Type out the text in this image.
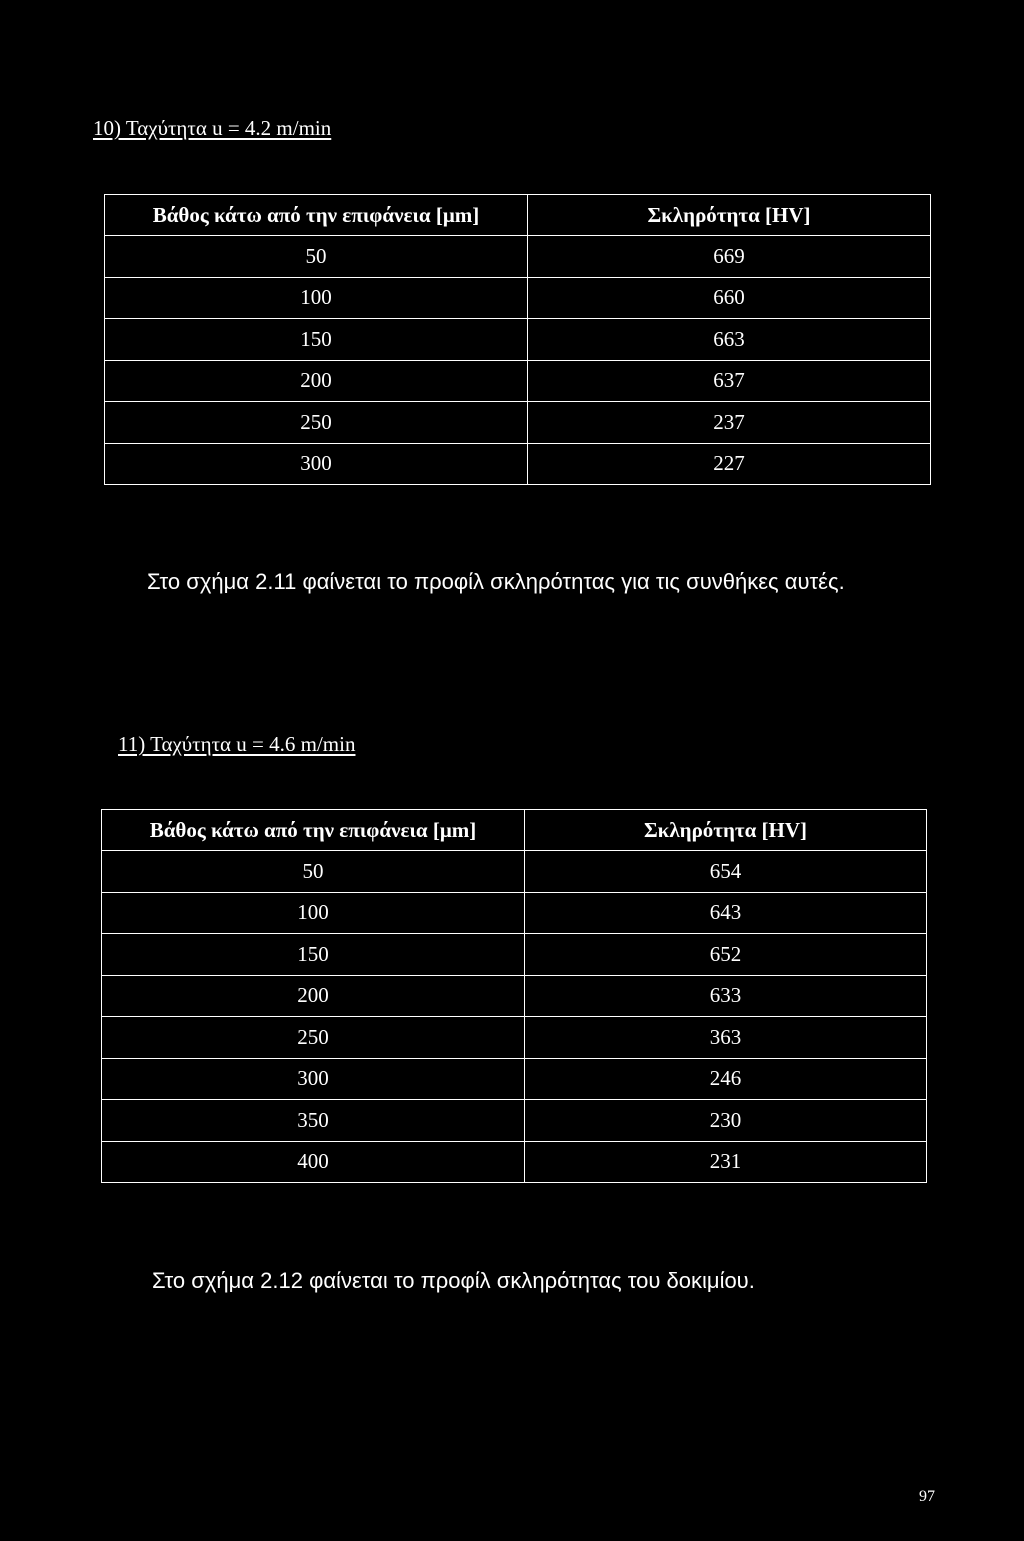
10) Ταχύτητα u = 4.2 m/min
Βάθος κάτω από την επιφάνεια [μm]	Σκληρότητα [HV]
50	669
100	660
150	663
200	637
250	237
300	227
Στο σχήμα 2.11 φαίνεται το προφίλ σκληρότητας για τις συνθήκες αυτές.
11) Ταχύτητα u = 4.6 m/min
Βάθος κάτω από την επιφάνεια [μm]	Σκληρότητα [HV]
50	654
100	643
150	652
200	633
250	363
300	246
350	230
400	231
Στο σχήμα 2.12 φαίνεται το προφίλ σκληρότητας του δοκιμίου.
97
